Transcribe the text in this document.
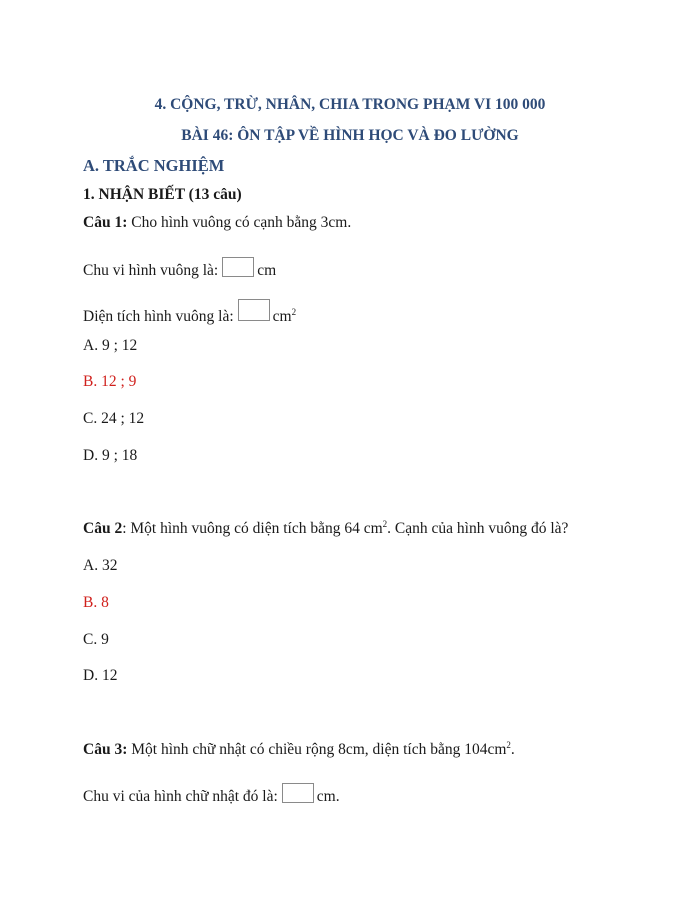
4. CỘNG, TRỪ, NHÂN, CHIA TRONG PHẠM VI 100 000
BÀI 46: ÔN TẬP VỀ HÌNH HỌC VÀ ĐO LƯỜNG
A. TRẮC NGHIỆM
1. NHẬN BIẾT (13 câu)
Câu 1: Cho hình vuông có cạnh bằng 3cm.
Chu vi hình vuông là:	cm
Diện tích hình vuông là:	$cm^2$
A. 9 ; 12
B. 12 ; 9
C. 24 ; 12
D. 9 ; 18
Câu 2: Một hình vuông có diện tích bằng 64 $cm^2$. Cạnh của hình vuông đó là?
A. 32
B. 8
C. 9
D. 12
Câu 3: Một hình chữ nhật có chiều rộng 8cm, diện tích bằng $104cm^2$.
Chu vi của hình chữ nhật đó là:	cm.
